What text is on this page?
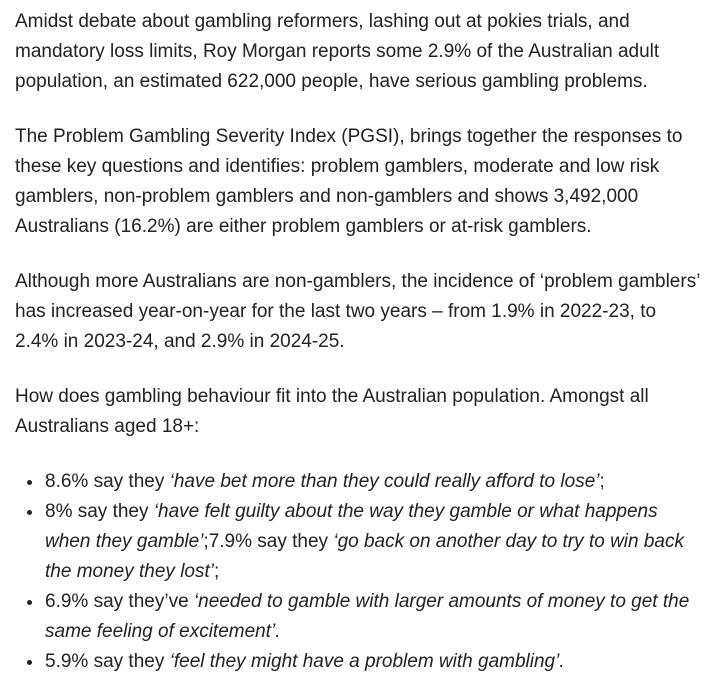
Amidst debate about gambling reformers, lashing out at pokies trials, and mandatory loss limits, Roy Morgan reports some 2.9% of the Australian adult population, an estimated 622,000 people, have serious gambling problems.

The Problem Gambling Severity Index (PGSI), brings together the responses to these key questions and identifies: problem gamblers, moderate and low risk gamblers, non-problem gamblers and non-gamblers and shows 3,492,000 Australians (16.2%) are either problem gamblers or at-risk gamblers.

Although more Australians are non-gamblers, the incidence of ‘problem gamblers’ has increased year-on-year for the last two years – from 1.9% in 2022-23, to 2.4% in 2023-24, and 2.9% in 2024-25.

How does gambling behaviour fit into the Australian population. Amongst all Australians aged 18+:

8.6% say they ‘have bet more than they could really afford to lose’;
8% say they ‘have felt guilty about the way they gamble or what happens when they gamble’;7.9% say they ‘go back on another day to try to win back the money they lost’;
6.9% say they’ve ‘needed to gamble with larger amounts of money to get the same feeling of excitement’.
5.9% say they ‘feel they might have a problem with gambling’.
